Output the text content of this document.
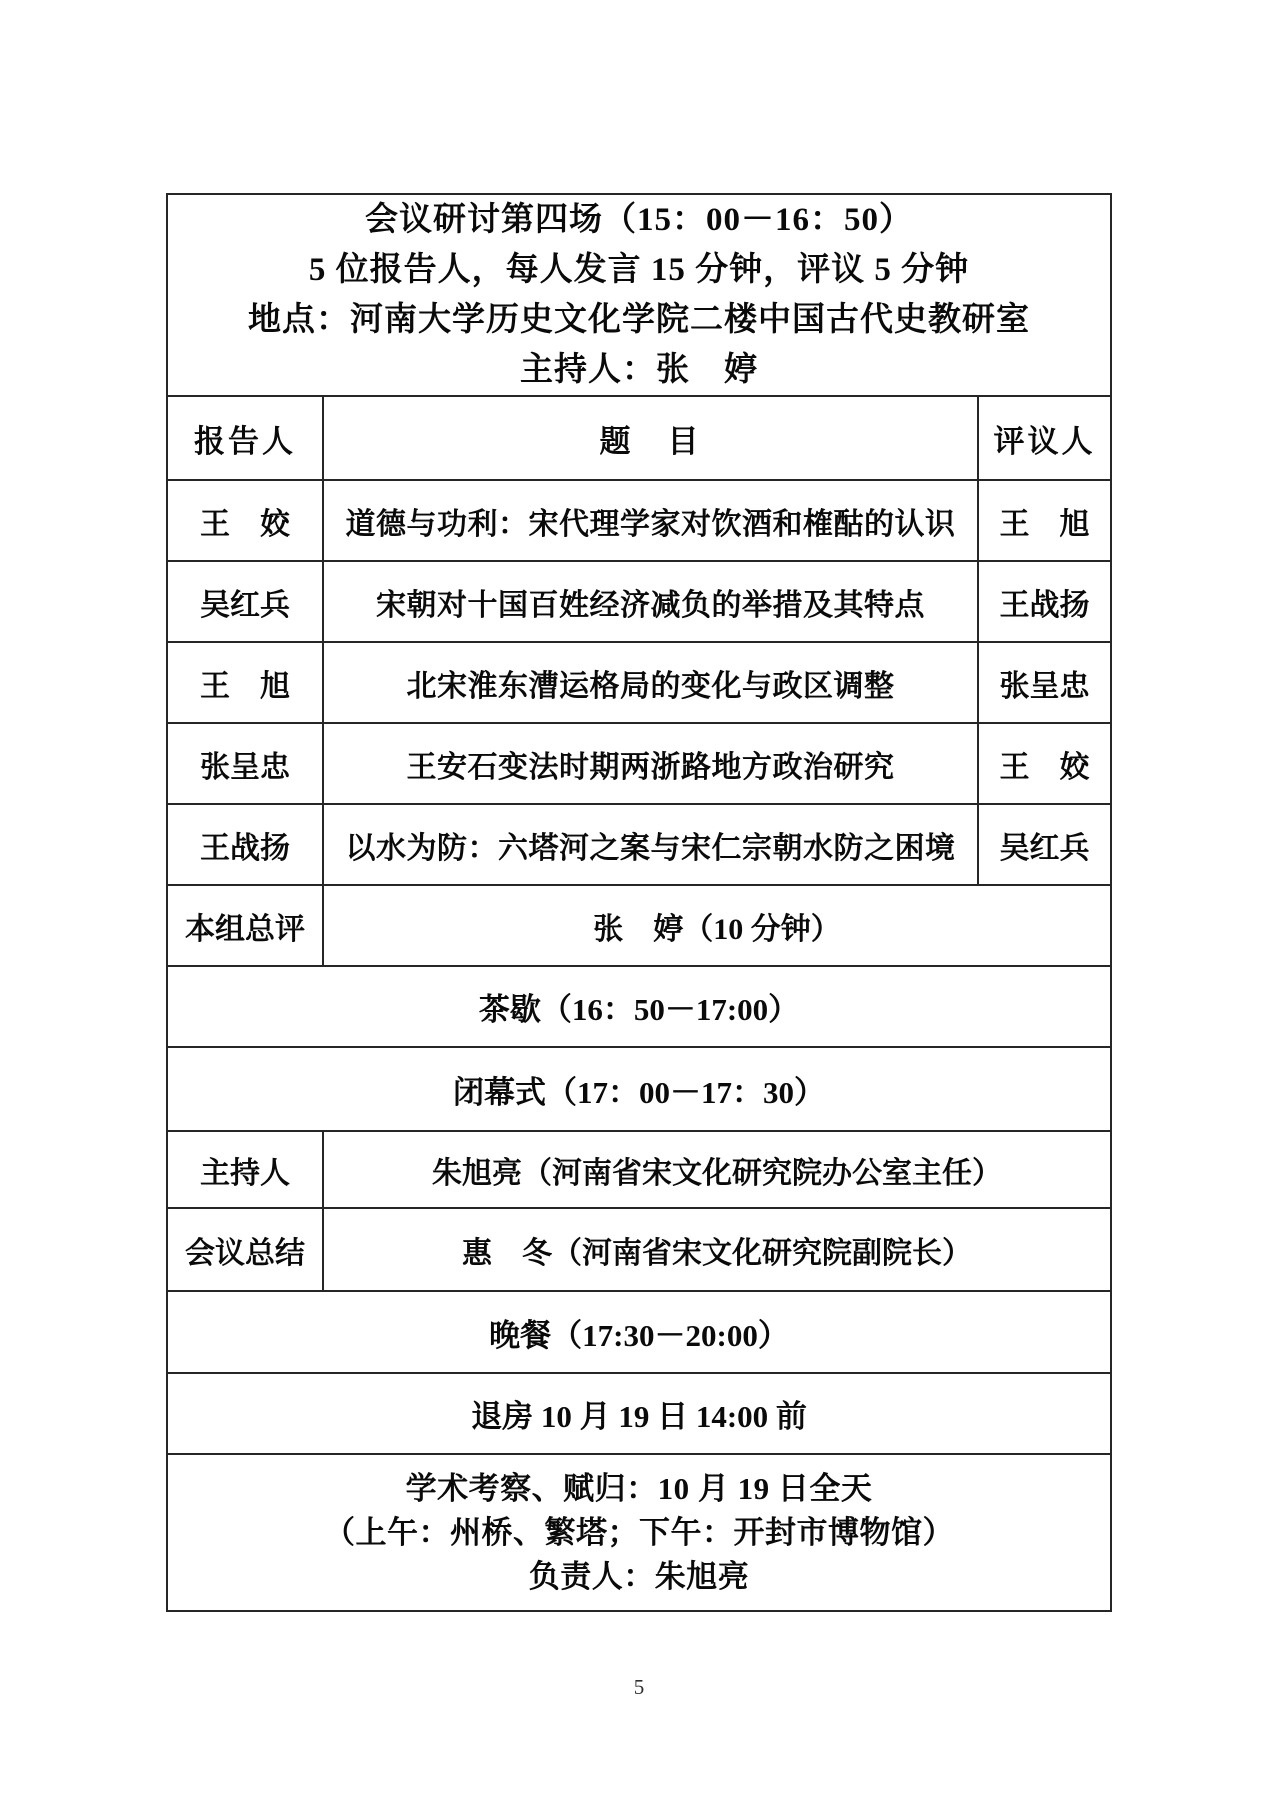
会议研讨第四场（15：00－16：50）
5 位报告人，每人发言 15 分钟，评议 5 分钟
地点：河南大学历史文化学院二楼中国古代史教研室
主持人：张　婷		

报告人	题　目	评议人
王　姣	道德与功利：宋代理学家对饮酒和榷酤的认识	王　旭
吴红兵	宋朝对十国百姓经济减负的举措及其特点	王战扬
王　旭	北宋淮东漕运格局的变化与政区调整	张呈忠
张呈忠	王安石变法时期两浙路地方政治研究	王　姣
王战扬	以水为防：六塔河之案与宋仁宗朝水防之困境	吴红兵
本组总评	张　婷（10 分钟）	
茶歇（16：50－17:00）		
闭幕式（17：00－17：30）		
主持人	朱旭亮（河南省宋文化研究院办公室主任）	
会议总结	惠　冬（河南省宋文化研究院副院长）	
晚餐（17:30－20:00）		
退房 10 月 19 日 14:00 前		

学术考察、赋归：10 月 19 日全天
（上午：州桥、繁塔；下午：开封市博物馆）
负责人：朱旭亮		
5
